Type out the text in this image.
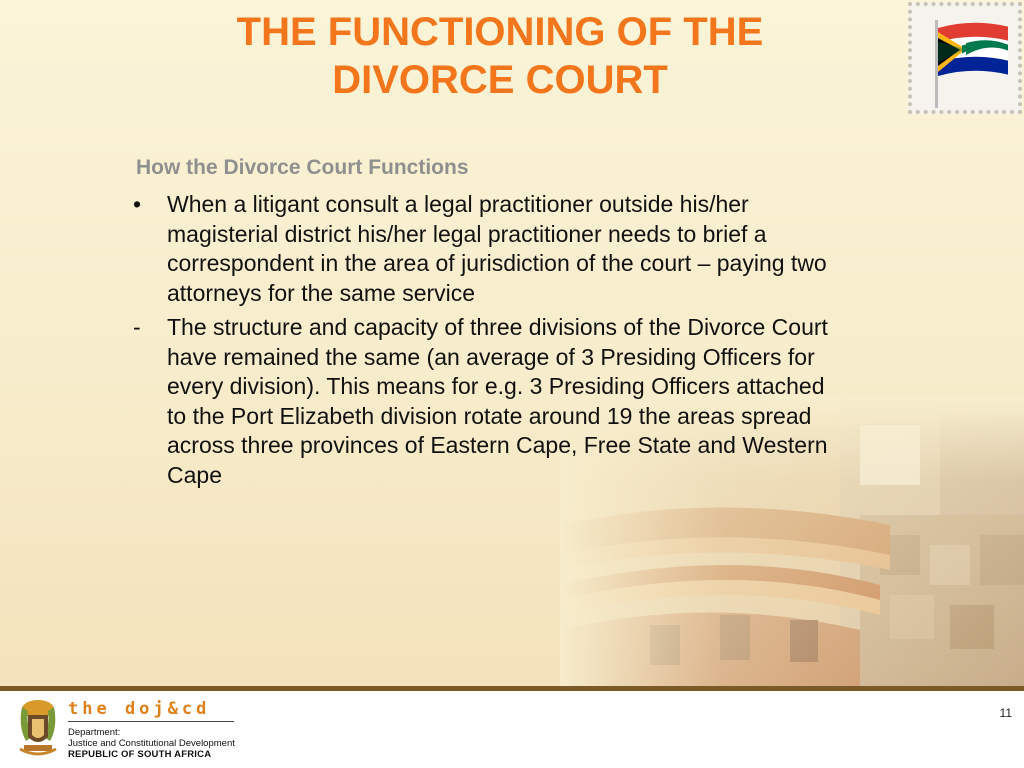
THE FUNCTIONING OF THE
DIVORCE COURT

How the Divorce Court Functions

• When a litigant consult a legal practitioner outside his/her magisterial district his/her legal practitioner needs to brief a correspondent in the area of jurisdiction of the court – paying two attorneys for the same service
- The structure and capacity of three divisions of the Divorce Court have remained the same (an average of 3 Presiding Officers for every division). This means for e.g. 3 Presiding Officers attached to the Port Elizabeth division rotate around 19 the areas spread across three provinces of Eastern Cape, Free State and Western Cape

the doj&cd

Department:
Justice and Constitutional Development
REPUBLIC OF SOUTH AFRICA
11
